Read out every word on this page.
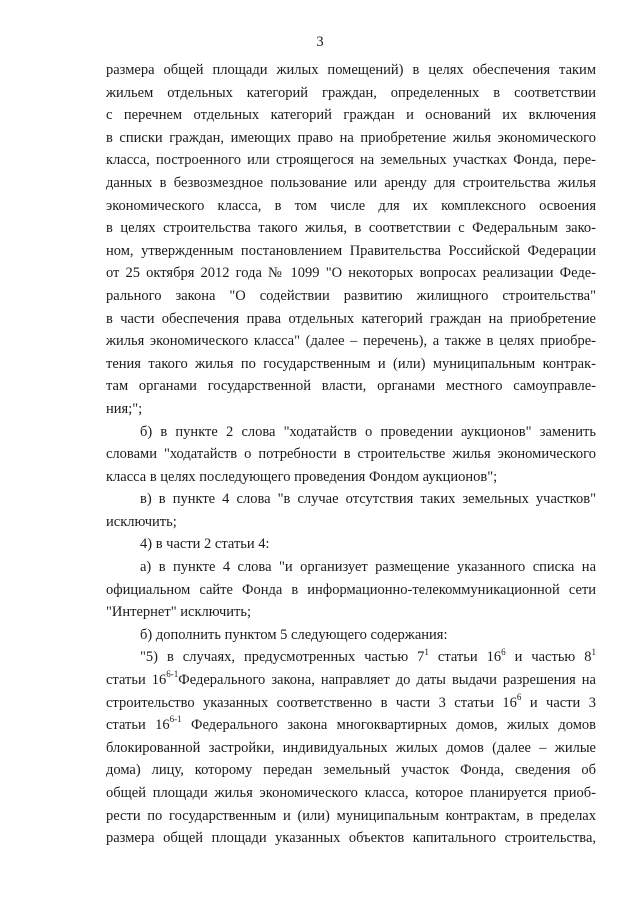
3
размера общей площади жилых помещений) в целях обеспечения таким
жильем отдельных категорий граждан, определенных в соответствии
с перечнем отдельных категорий граждан и оснований их включения
в списки граждан, имеющих право на приобретение жилья экономического
класса, построенного или строящегося на земельных участках Фонда, пере-
данных в безвозмездное пользование или аренду для строительства жилья
экономического класса, в том числе для их комплексного освоения
в целях строительства такого жилья, в соответствии с Федеральным зако-
ном, утвержденным постановлением Правительства Российской Федерации
от 25 октября 2012 года № 1099 "О некоторых вопросах реализации Феде-
рального закона "О содействии развитию жилищного строительства"
в части обеспечения права отдельных категорий граждан на приобретение
жилья экономического класса" (далее – перечень), а также в целях приобре-
тения такого жилья по государственным и (или) муниципальным контрак-
там органами государственной власти, органами местного самоуправле-
ния;";
б) в пункте 2 слова "ходатайств о проведении аукционов" заменить
словами "ходатайств о потребности в строительстве жилья экономического
класса в целях последующего проведения Фондом аукционов";
в) в пункте 4 слова "в случае отсутствия таких земельных участков"
исключить;
4) в части 2 статьи 4:
а) в пункте 4 слова "и организует размещение указанного списка на
официальном сайте Фонда в информационно-телекоммуникационной сети
"Интернет" исключить;
б) дополнить пунктом 5 следующего содержания:
"5) в случаях, предусмотренных частью $7^1$ статьи $16^6$ и частью $8^1$
статьи 16$^{6-1}$Федерального закона, направляет до даты выдачи разрешения на
строительство указанных соответственно в части 3 статьи $16^6$ и части 3
статьи 16$^{6-1}$ Федерального закона многоквартирных домов, жилых домов
блокированной застройки, индивидуальных жилых домов (далее – жилые
дома) лицу, которому передан земельный участок Фонда, сведения об
общей площади жилья экономического класса, которое планируется приоб-
рести по государственным и (или) муниципальным контрактам, в пределах
размера общей площади указанных объектов капитального строительства,
